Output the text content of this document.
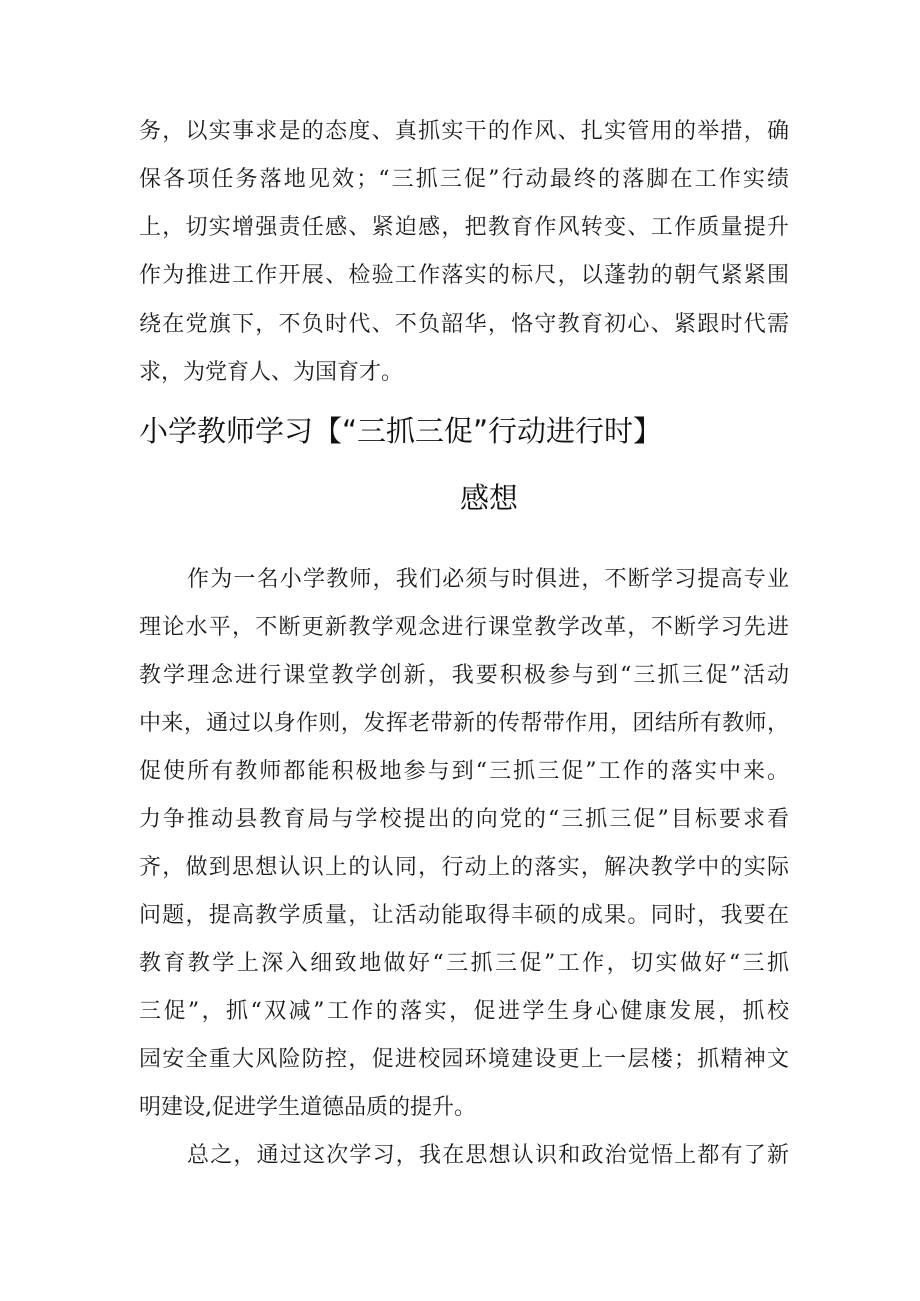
务，以实事求是的态度、真抓实干的作风、扎实管用的举措，确
保各项任务落地见效；“三抓三促”行动最终的落脚在工作实绩
上，切实增强责任感、紧迫感，把教育作风转变、工作质量提升
作为推进工作开展、检验工作落实的标尺，以蓬勃的朝气紧紧围
绕在党旗下，不负时代、不负韶华，恪守教育初心、紧跟时代需
求，为党育人、为国育才。
小学教师学习【“三抓三促”行动进行时】
感想
作为一名小学教师，我们必须与时俱进，不断学习提高专业
理论水平，不断更新教学观念进行课堂教学改革，不断学习先进
教学理念进行课堂教学创新，我要积极参与到“三抓三促”活动
中来，通过以身作则，发挥老带新的传帮带作用，团结所有教师，
促使所有教师都能积极地参与到“三抓三促”工作的落实中来。
力争推动县教育局与学校提出的向党的“三抓三促”目标要求看
齐，做到思想认识上的认同，行动上的落实，解决教学中的实际
问题，提高教学质量，让活动能取得丰硕的成果。同时，我要在
教育教学上深入细致地做好“三抓三促”工作，切实做好“三抓
三促”，抓“双减”工作的落实，促进学生身心健康发展，抓校
园安全重大风险防控，促进校园环境建设更上一层楼；抓精神文
明建设,促进学生道德品质的提升。
总之，通过这次学习，我在思想认识和政治觉悟上都有了新
